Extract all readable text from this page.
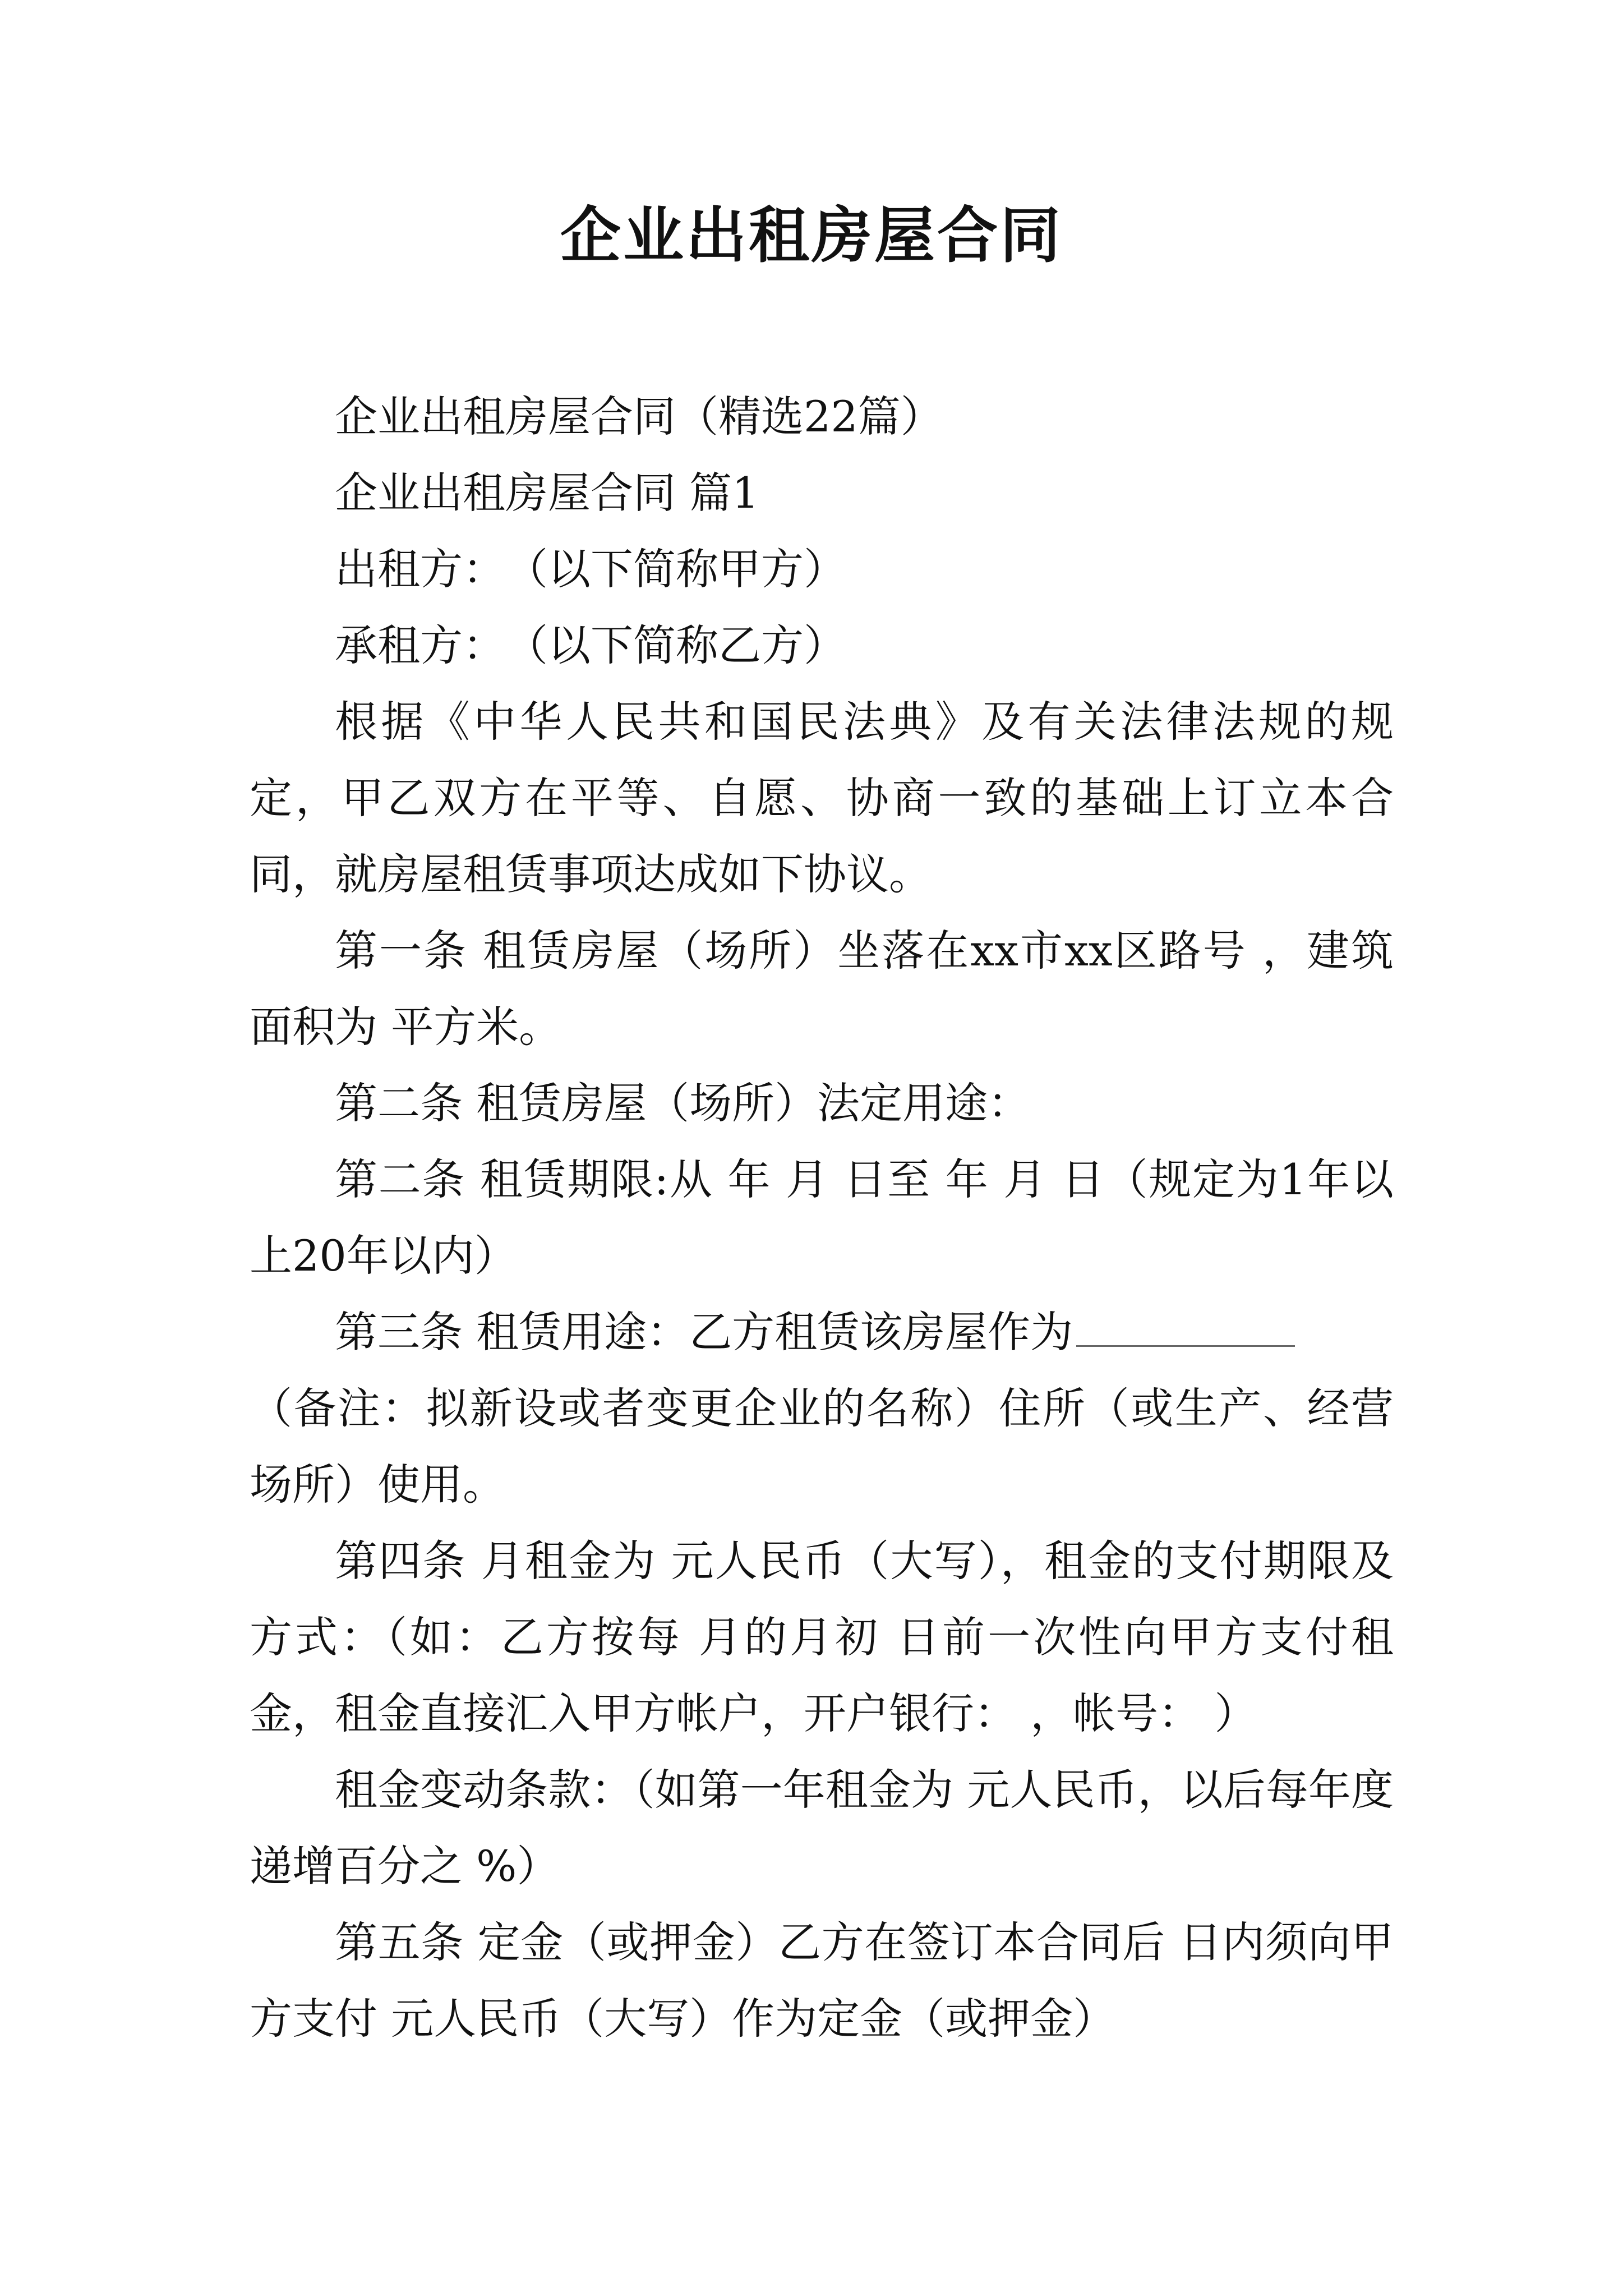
企业出租房屋合同

企业出租房屋合同（精选22篇）

企业出租房屋合同 篇1

出租方：　（以下简称甲方）

承租方：　（以下简称乙方）

根据《中华人民共和国民法典》及有关法律法规的规定，甲乙双方在平等、自愿、协商一致的基础上订立本合同，就房屋租赁事项达成如下协议。

第一条 租赁房屋（场所）坐落在xx市xx区路号 ，建筑面积为 平方米。

第二条 租赁房屋（场所）法定用途：

第二条 租赁期限:从 年 月 日至 年 月 日（规定为1年以上20年以内）

第三条 租赁用途：乙方租赁该房屋作为

（备注：拟新设或者变更企业的名称）住所（或生产、经营场所）使用。

第四条 月租金为 元人民币（大写），租金的支付期限及方式：（如：乙方按每 月的月初 日前一次性向甲方支付租金，租金直接汇入甲方帐户，开户银行： ，帐号： ）

租金变动条款：（如第一年租金为 元人民币，以后每年度递增百分之 %）

第五条 定金（或押金）乙方在签订本合同后 日内须向甲方支付 元人民币（大写）作为定金（或押金）
